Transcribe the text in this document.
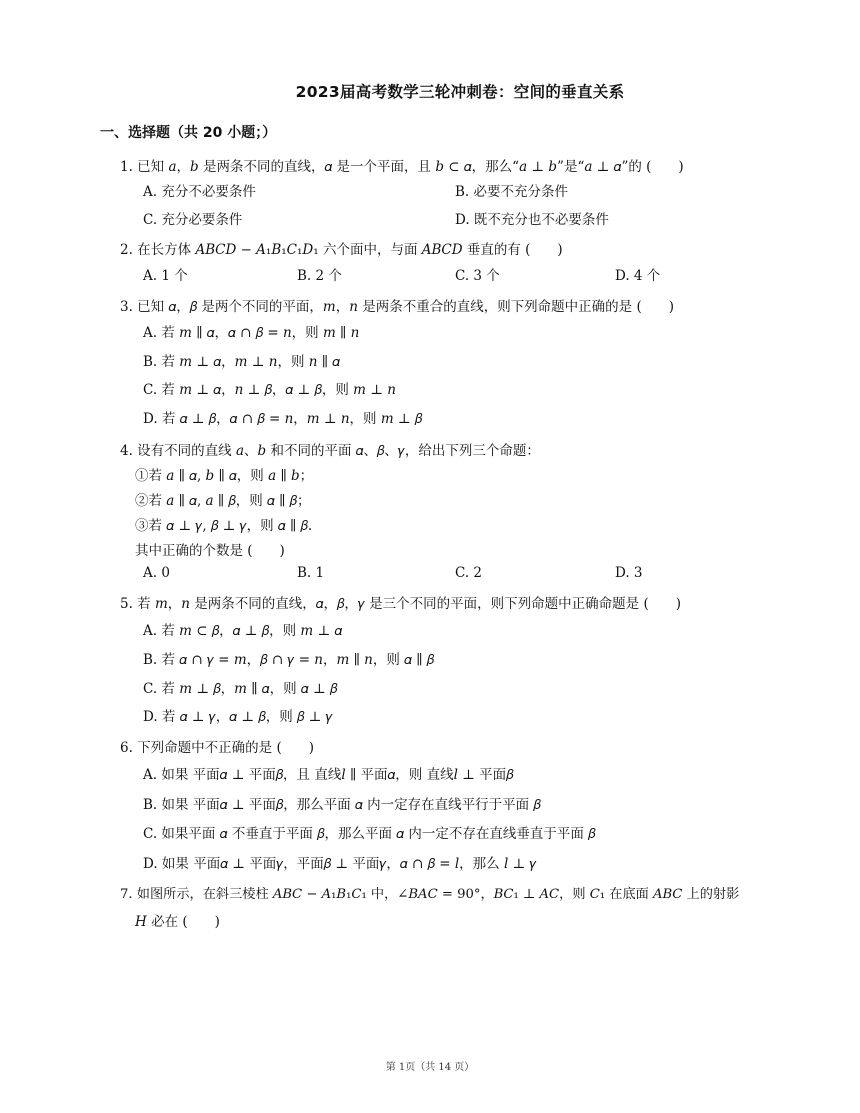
2023届高考数学三轮冲刺卷：空间的垂直关系
一、选择题（共 20 小题；）
1. 已知 𝑎，𝑏 是两条不同的直线，𝛼 是一个平面，且 𝑏 ⊂ 𝛼，那么“𝑎 ⊥ 𝑏”是“𝑎 ⊥ 𝛼”的 (　　)
A. 充分不必要条件	B. 必要不充分条件
C. 充分必要条件	D. 既不充分也不必要条件
2. 在长方体 𝐴𝐵𝐶𝐷 − 𝐴₁𝐵₁𝐶₁𝐷₁ 六个面中，与面 𝐴𝐵𝐶𝐷 垂直的有 (　　)
A. 1 个	B. 2 个	C. 3 个	D. 4 个
3. 已知 𝛼，𝛽 是两个不同的平面，𝑚，𝑛 是两条不重合的直线，则下列命题中正确的是 (　　)
A. 若 𝑚 ∥ 𝛼，𝛼 ∩ 𝛽 = 𝑛，则 𝑚 ∥ 𝑛
B. 若 𝑚 ⊥ 𝛼，𝑚 ⊥ 𝑛，则 𝑛 ∥ 𝛼
C. 若 𝑚 ⊥ 𝛼，𝑛 ⊥ 𝛽，𝛼 ⊥ 𝛽，则 𝑚 ⊥ 𝑛
D. 若 𝛼 ⊥ 𝛽，𝛼 ∩ 𝛽 = 𝑛，𝑚 ⊥ 𝑛，则 𝑚 ⊥ 𝛽
4. 设有不同的直线 𝑎、𝑏 和不同的平面 𝛼、𝛽、𝛾，给出下列三个命题：
①若 𝑎 ∥ 𝛼, 𝑏 ∥ 𝛼，则 𝑎 ∥ 𝑏；
②若 𝑎 ∥ 𝛼, 𝑎 ∥ 𝛽，则 𝛼 ∥ 𝛽；
③若 𝛼 ⊥ 𝛾, 𝛽 ⊥ 𝛾，则 𝛼 ∥ 𝛽.
其中正确的个数是 (　　)
A. 0	B. 1	C. 2	D. 3
5. 若 𝑚，𝑛 是两条不同的直线，𝛼，𝛽，𝛾 是三个不同的平面，则下列命题中正确命题是 (　　)
A. 若 𝑚 ⊂ 𝛽，𝛼 ⊥ 𝛽，则 𝑚 ⊥ 𝛼
B. 若 𝛼 ∩ 𝛾 = 𝑚，𝛽 ∩ 𝛾 = 𝑛，𝑚 ∥ 𝑛，则 𝛼 ∥ 𝛽
C. 若 𝑚 ⊥ 𝛽，𝑚 ∥ 𝛼，则 𝛼 ⊥ 𝛽
D. 若 𝛼 ⊥ 𝛾，𝛼 ⊥ 𝛽，则 𝛽 ⊥ 𝛾
6. 下列命题中不正确的是 (　　)
A. 如果 平面𝛼 ⊥ 平面𝛽，且 直线𝑙 ∥ 平面𝛼，则 直线𝑙 ⊥ 平面𝛽
B. 如果 平面𝛼 ⊥ 平面𝛽，那么平面 𝛼 内一定存在直线平行于平面 𝛽
C. 如果平面 𝛼 不垂直于平面 𝛽，那么平面 𝛼 内一定不存在直线垂直于平面 𝛽
D. 如果 平面𝛼 ⊥ 平面𝛾，平面𝛽 ⊥ 平面𝛾，𝛼 ∩ 𝛽 = 𝑙，那么 𝑙 ⊥ 𝛾
7. 如图所示，在斜三棱柱 𝐴𝐵𝐶 − 𝐴₁𝐵₁𝐶₁ 中，∠𝐵𝐴𝐶 = 90°，𝐵𝐶₁ ⊥ 𝐴𝐶，则 𝐶₁ 在底面 𝐴𝐵𝐶 上的射影
𝐻 必在 (　　)
第 1页（共 14 页）
